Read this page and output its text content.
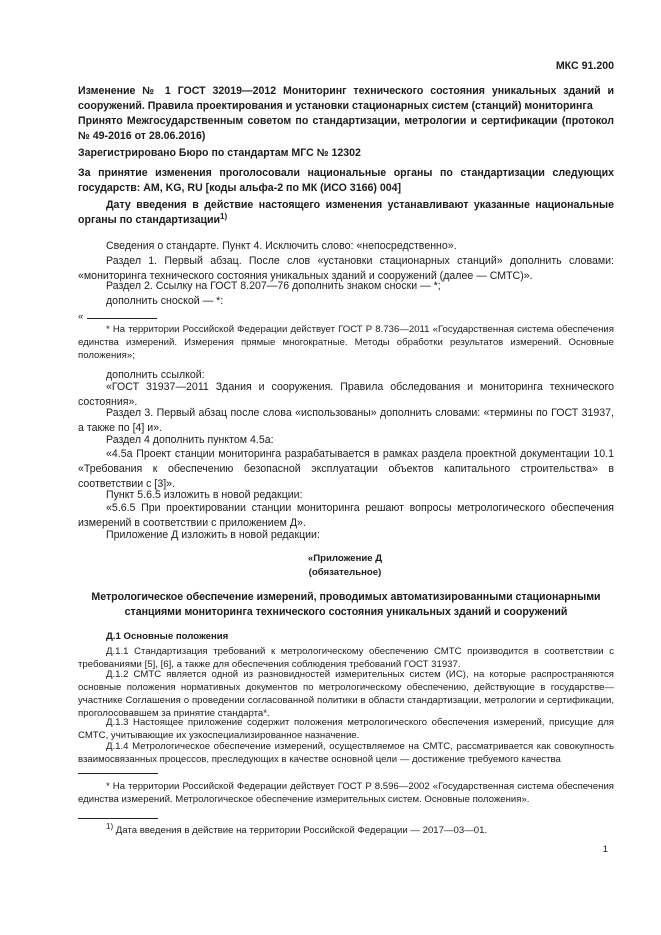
МКС 91.200

Изменение № 1 ГОСТ 32019—2012 Мониторинг технического состояния уникальных зданий и сооружений. Правила проектирования и установки стационарных систем (станций) мониторинга

Принято Межгосударственным советом по стандартизации, метрологии и сертификации (протокол № 49-2016 от 28.06.2016)

Зарегистрировано Бюро по стандартам МГС № 12302

За принятие изменения проголосовали национальные органы по стандартизации следующих государств: AM, KG, RU [коды альфа-2 по МК (ИСО 3166) 004]

Дату введения в действие настоящего изменения устанавливают указанные национальные органы по стандартизации$^{1)}$

Сведения о стандарте. Пункт 4. Исключить слово: «непосредственно».

Раздел 1. Первый абзац. После слов «установки стационарных станций» дополнить словами: «мониторинга технического состояния уникальных зданий и сооружений (далее — СМТС)».

Раздел 2. Cсылку на ГОСТ 8.207—76 дополнить знаком сноски — *;

дополнить сноской — *:

«

* На территории Российской Федерации действует ГОСТ Р 8.736—2011 «Государственная система обеспечения единства измерений. Измерения прямые многократные. Методы обработки результатов измерений. Основные положения»;

дополнить ссылкой:

«ГОСТ 31937—2011 Здания и сооружения. Правила обследования и мониторинга технического состояния».

Раздел 3. Первый абзац после слова «использованы» дополнить словами: «термины по ГОСТ 31937, а также по [4] и».

Раздел 4 дополнить пунктом 4.5а:

«4.5а Проект станции мониторинга разрабатывается в рамках раздела проектной документации 10.1 «Требования к обеспечению безопасной эксплуатации объектов капитального строительства» в соответствии с [3]».

Пункт 5.6.5 изложить в новой редакции:

«5.6.5 При проектировании станции мониторинга решают вопросы метрологического обеспечения измерений в соответствии с приложением Д».

Приложение Д изложить в новой редакции:

«Приложение Д
(обязательное)

Метрологическое обеспечение измерений, проводимых автоматизированными стационарными станциями мониторинга технического состояния уникальных зданий и сооружений

Д.1 Основные положения

Д.1.1 Стандартизация требований к метрологическому обеспечению СМТС производится в соответствии с требованиями [5], [6], а также для обеспечения соблюдения требований ГОСТ 31937.

Д.1.2 СМТС является одной из разновидностей измерительных систем (ИС), на которые распространяются основные положения нормативных документов по метрологическому обеспечению, действующие в государстве—участнике Соглашения о проведении согласованной политики в области стандартизации, метрологии и сертификации, проголосовавшем за принятие стандарта*.

Д.1.3 Настоящее приложение содержит положения метрологического обеспечения измерений, присущие для СМТС, учитывающие их узкоспециализированное назначение.

Д.1.4 Метрологическое обеспечение измерений, осуществляемое на СМТС, рассматривается как совокупность взаимосвязанных процессов, преследующих в качестве основной цели — достижение требуемого качества

* На территории Российской Федерации действует ГОСТ Р 8.596—2002 «Государственная система обеспечения единства измерений. Метрологическое обеспечение измерительных систем. Основные положения».

$^{1)}$ Дата введения в действие на территории Российской Федерации — 2017—03—01.

1
